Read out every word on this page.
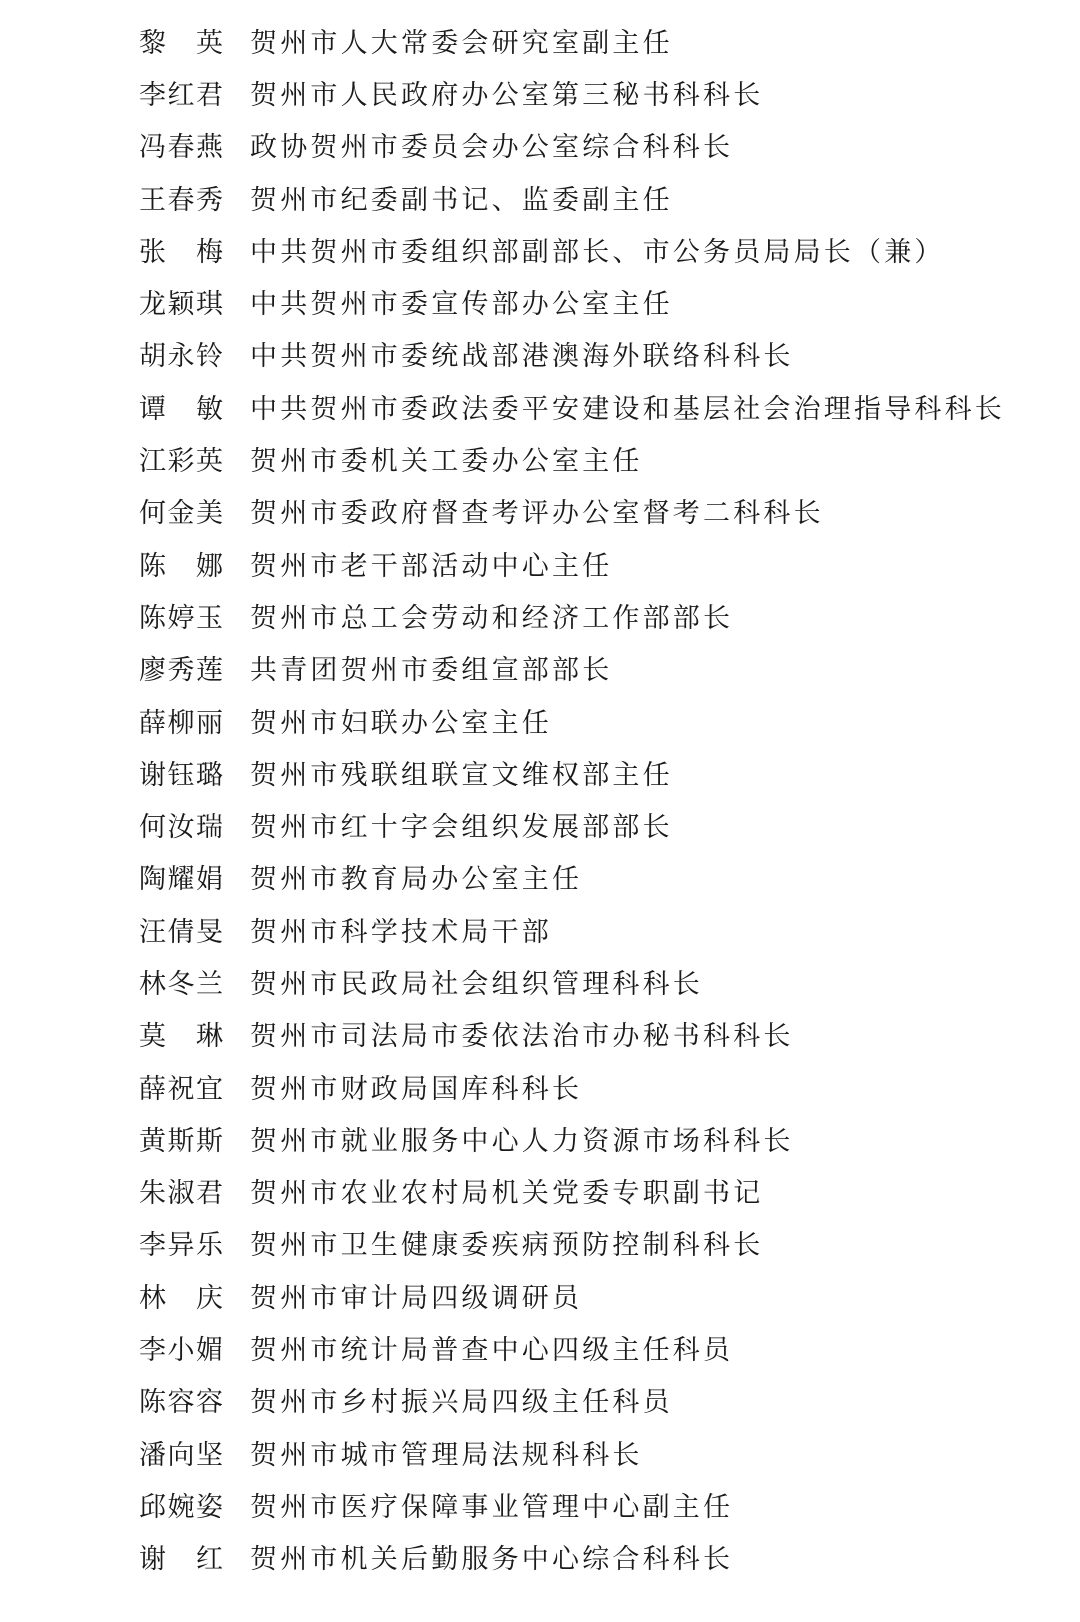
黎 英 贺州市人大常委会研究室副主任
李红君 贺州市人民政府办公室第三秘书科科长
冯春燕 政协贺州市委员会办公室综合科科长
王春秀 贺州市纪委副书记、监委副主任
张 梅 中共贺州市委组织部副部长、市公务员局局长（兼）
龙颖琪 中共贺州市委宣传部办公室主任
胡永铃 中共贺州市委统战部港澳海外联络科科长
谭 敏 中共贺州市委政法委平安建设和基层社会治理指导科科长
江彩英 贺州市委机关工委办公室主任
何金美 贺州市委政府督查考评办公室督考二科科长
陈 娜 贺州市老干部活动中心主任
陈婷玉 贺州市总工会劳动和经济工作部部长
廖秀莲 共青团贺州市委组宣部部长
薛柳丽 贺州市妇联办公室主任
谢钰璐 贺州市残联组联宣文维权部主任
何汝瑞 贺州市红十字会组织发展部部长
陶耀娟 贺州市教育局办公室主任
汪倩旻 贺州市科学技术局干部
林冬兰 贺州市民政局社会组织管理科科长
莫 琳 贺州市司法局市委依法治市办秘书科科长
薛祝宜 贺州市财政局国库科科长
黄斯斯 贺州市就业服务中心人力资源市场科科长
朱淑君 贺州市农业农村局机关党委专职副书记
李异乐 贺州市卫生健康委疾病预防控制科科长
林 庆 贺州市审计局四级调研员
李小媚 贺州市统计局普查中心四级主任科员
陈容容 贺州市乡村振兴局四级主任科员
潘向坚 贺州市城市管理局法规科科长
邱婉姿 贺州市医疗保障事业管理中心副主任
谢 红 贺州市机关后勤服务中心综合科科长
